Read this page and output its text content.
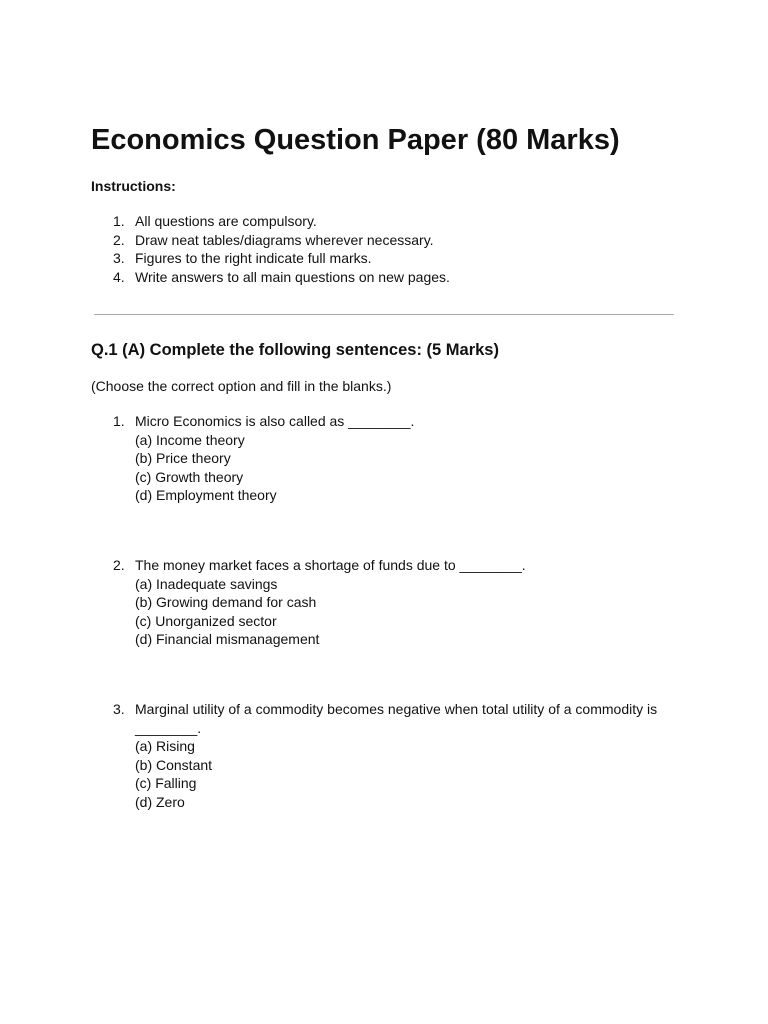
Economics Question Paper (80 Marks)
Instructions:
1. All questions are compulsory.
2. Draw neat tables/diagrams wherever necessary.
3. Figures to the right indicate full marks.
4. Write answers to all main questions on new pages.
Q.1 (A) Complete the following sentences: (5 Marks)
(Choose the correct option and fill in the blanks.)
1. Micro Economics is also called as ________.
(a) Income theory
(b) Price theory
(c) Growth theory
(d) Employment theory
2. The money market faces a shortage of funds due to ________.
(a) Inadequate savings
(b) Growing demand for cash
(c) Unorganized sector
(d) Financial mismanagement
3. Marginal utility of a commodity becomes negative when total utility of a commodity is ________.
(a) Rising
(b) Constant
(c) Falling
(d) Zero
